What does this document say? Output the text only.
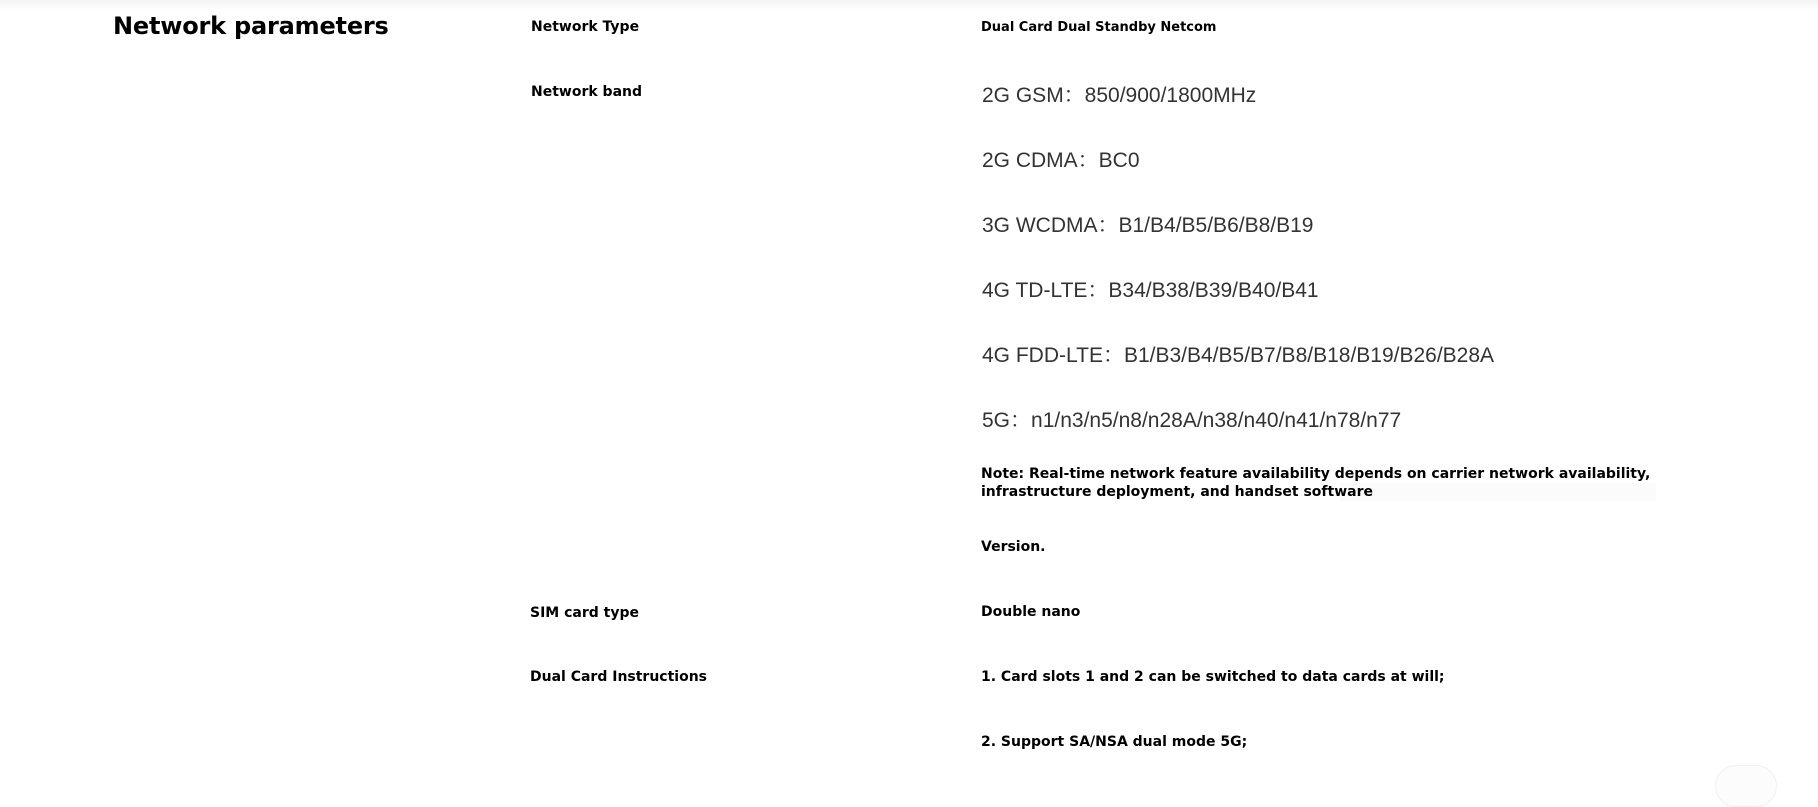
Network parameters	Network Type	Dual Card Dual Standby Netcom
Network band	2G GSM：850/900/1800MHz
2G CDMA：BC0
3G WCDMA：B1/B4/B5/B6/B8/B19
4G TD-LTE：B34/B38/B39/B40/B41
4G FDD-LTE：B1/B3/B4/B5/B7/B8/B18/B19/B26/B28A
5G：n1/n3/n5/n8/n28A/n38/n40/n41/n78/n77

Note: Real-time network feature availability depends on carrier network availability, infrastructure deployment, and handset software

Version.
SIM card type	Double nano
Dual Card Instructions	1. Card slots 1 and 2 can be switched to data cards at will;
2. Support SA/NSA dual mode 5G;
